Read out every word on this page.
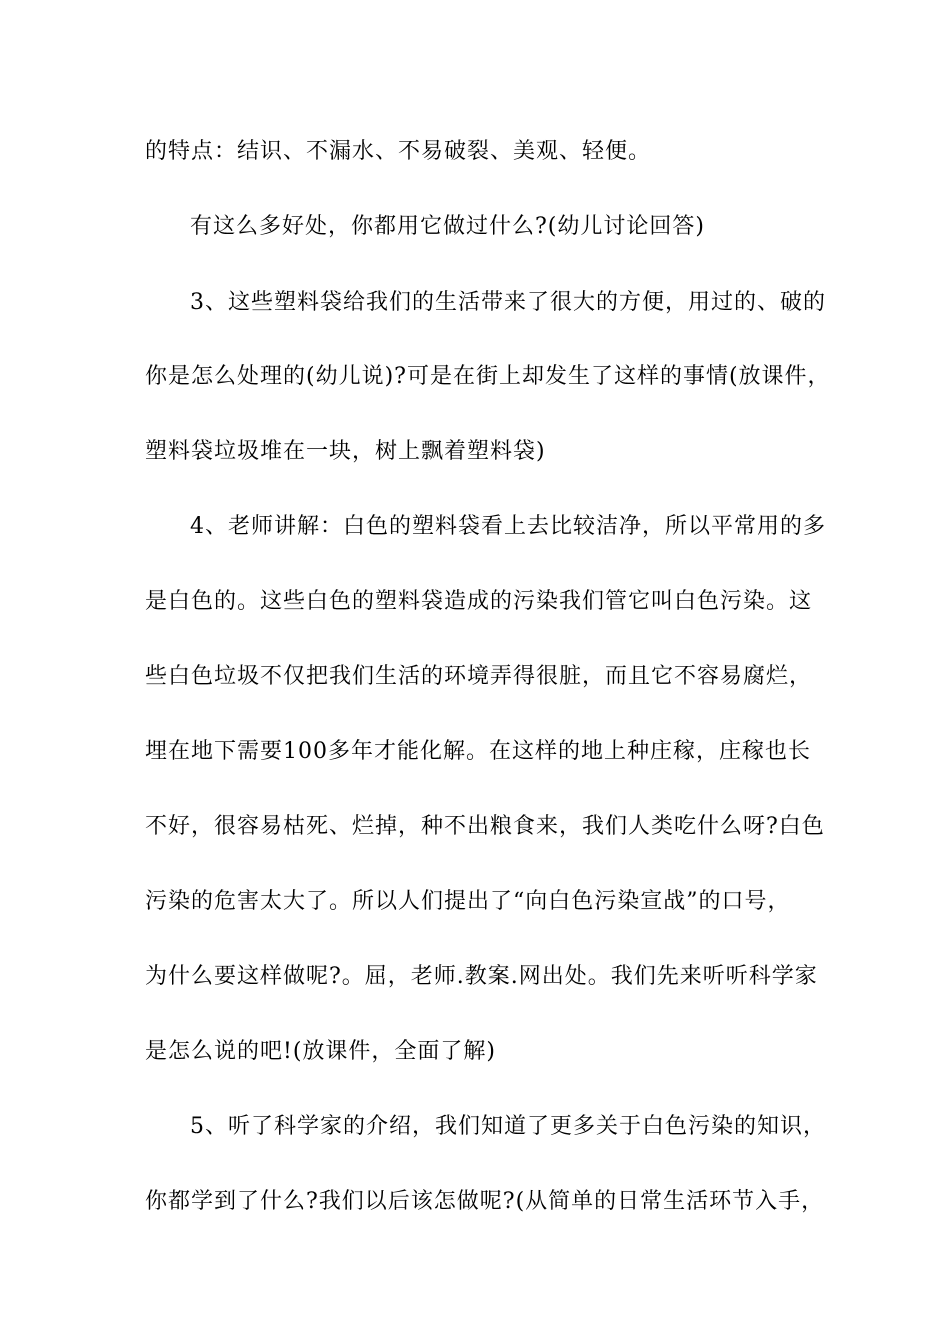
的特点：结识、不漏水、不易破裂、美观、轻便。
有这么多好处，你都用它做过什么?(幼儿讨论回答)
3、这些塑料袋给我们的生活带来了很大的方便，用过的、破的
你是怎么处理的(幼儿说)?可是在街上却发生了这样的事情(放课件，
塑料袋垃圾堆在一块，树上飘着塑料袋)
4、老师讲解：白色的塑料袋看上去比较洁净，所以平常用的多
是白色的。这些白色的塑料袋造成的污染我们管它叫白色污染。这
些白色垃圾不仅把我们生活的环境弄得很脏，而且它不容易腐烂，
埋在地下需要100多年才能化解。在这样的地上种庄稼，庄稼也长
不好，很容易枯死、烂掉，种不出粮食来，我们人类吃什么呀?白色
污染的危害太大了。所以人们提出了“向白色污染宣战”的口号，
为什么要这样做呢?。屈，老师.教案.网出处。我们先来听听科学家
是怎么说的吧!(放课件，全面了解)
5、听了科学家的介绍，我们知道了更多关于白色污染的知识，
你都学到了什么?我们以后该怎做呢?(从简单的日常生活环节入手，
